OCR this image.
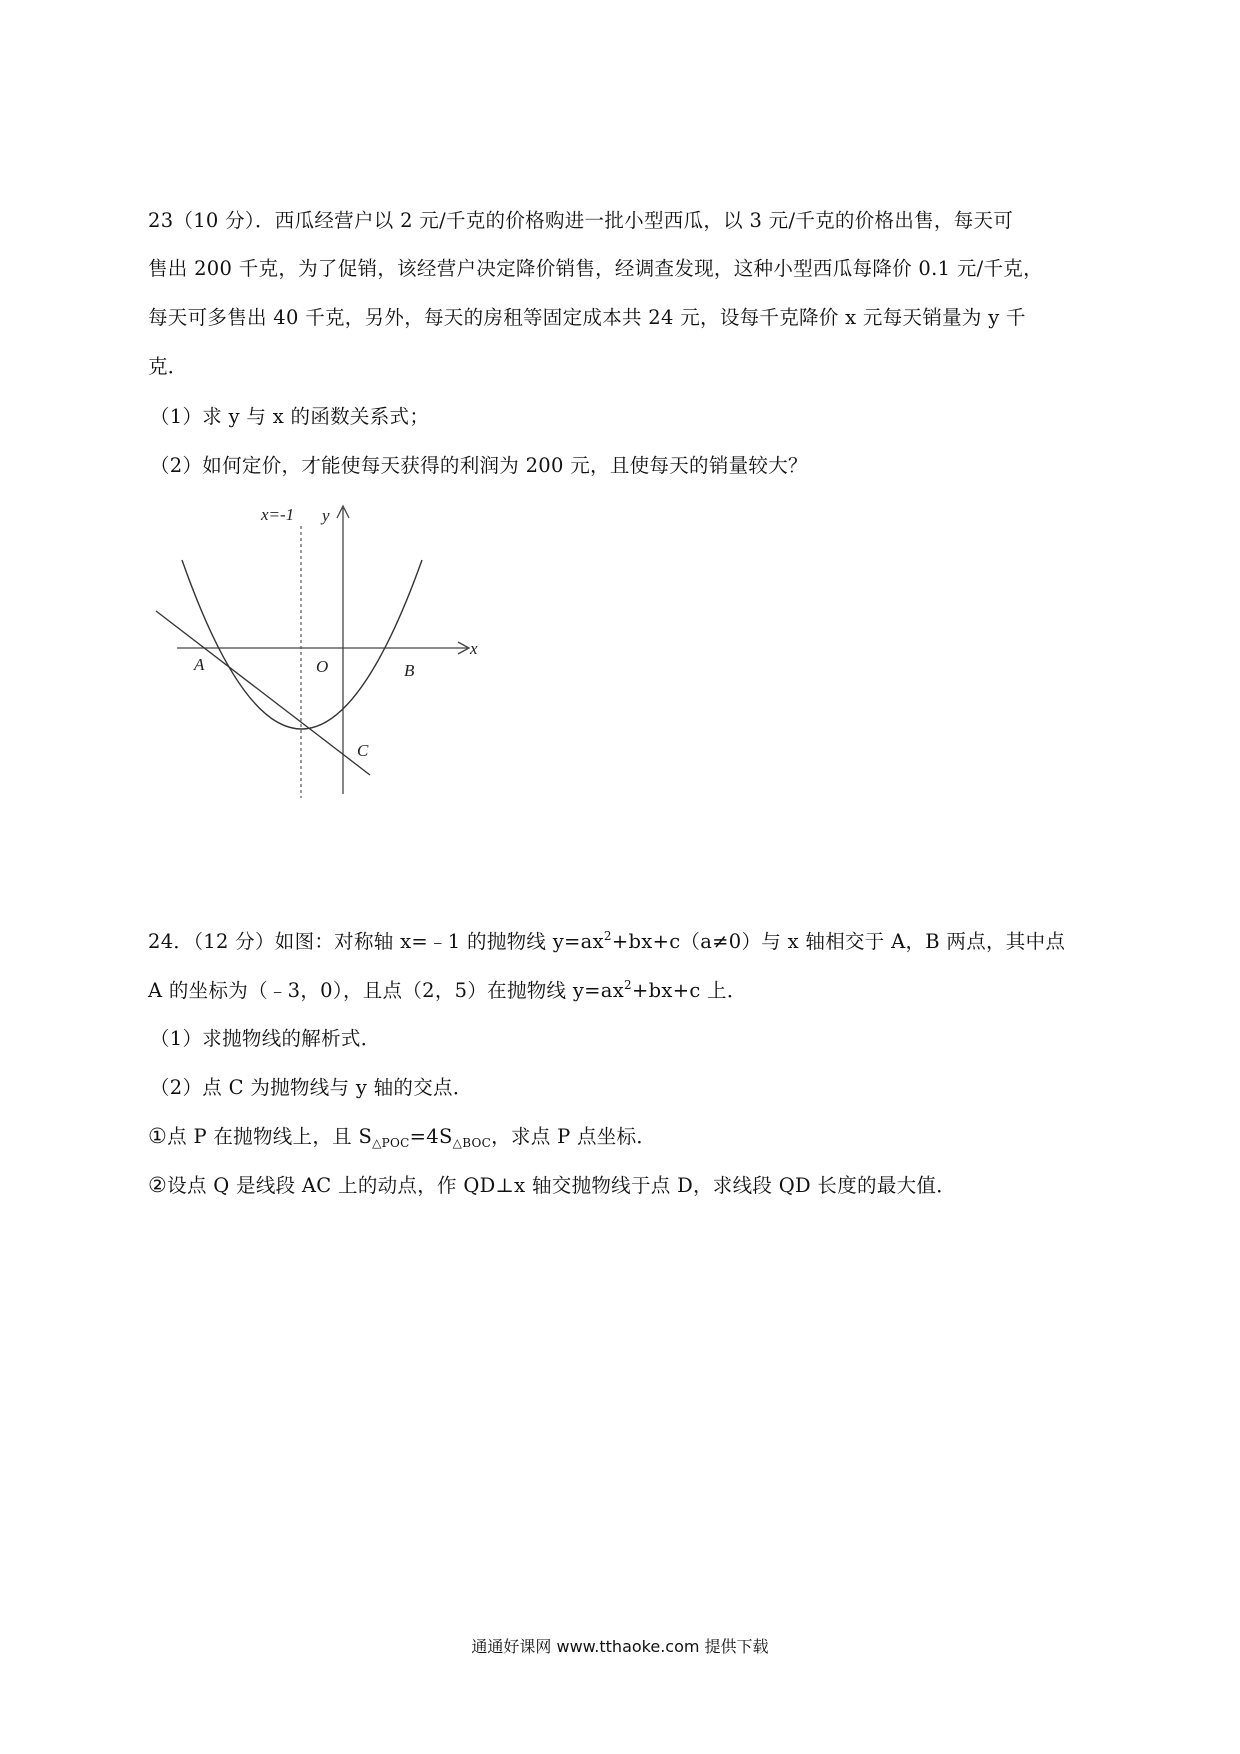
23（10 分）．西瓜经营户以 2 元/千克的价格购进一批小型西瓜，以 3 元/千克的价格出售，每天可
售出 200 千克，为了促销，该经营户决定降价销售，经调查发现，这种小型西瓜每降价 0.1 元/千克，
每天可多售出 40 千克，另外，每天的房租等固定成本共 24 元，设每千克降价 x 元每天销量为 y 千
克．
（1）求 y 与 x 的函数关系式；
（2）如何定价，才能使每天获得的利润为 200 元，且使每天的销量较大？
x=-1 y
x
O
A	B
C
24．（12 分）如图：对称轴 x=﹣1 的抛物线 $y=ax^2+bx+c(a\ne 0)$与 x 轴相交于 A，B 两点，其中点
A 的坐标为（﹣3，0），且点（2，5）在抛物线 $y=ax^2+bx+c$ 上．
（1）求抛物线的解析式．
（2）点 C 为抛物线与 y 轴的交点．
①点 P 在抛物线上，且 $S_{\triangle POC}=4S_{\triangle BOC}$，求点 P 点坐标．
②设点 Q 是线段 AC 上的动点，作 QD⊥x 轴交抛物线于点 D，求线段 QD 长度的最大值．
通通好课网 www.tthaoke.com 提供下载
